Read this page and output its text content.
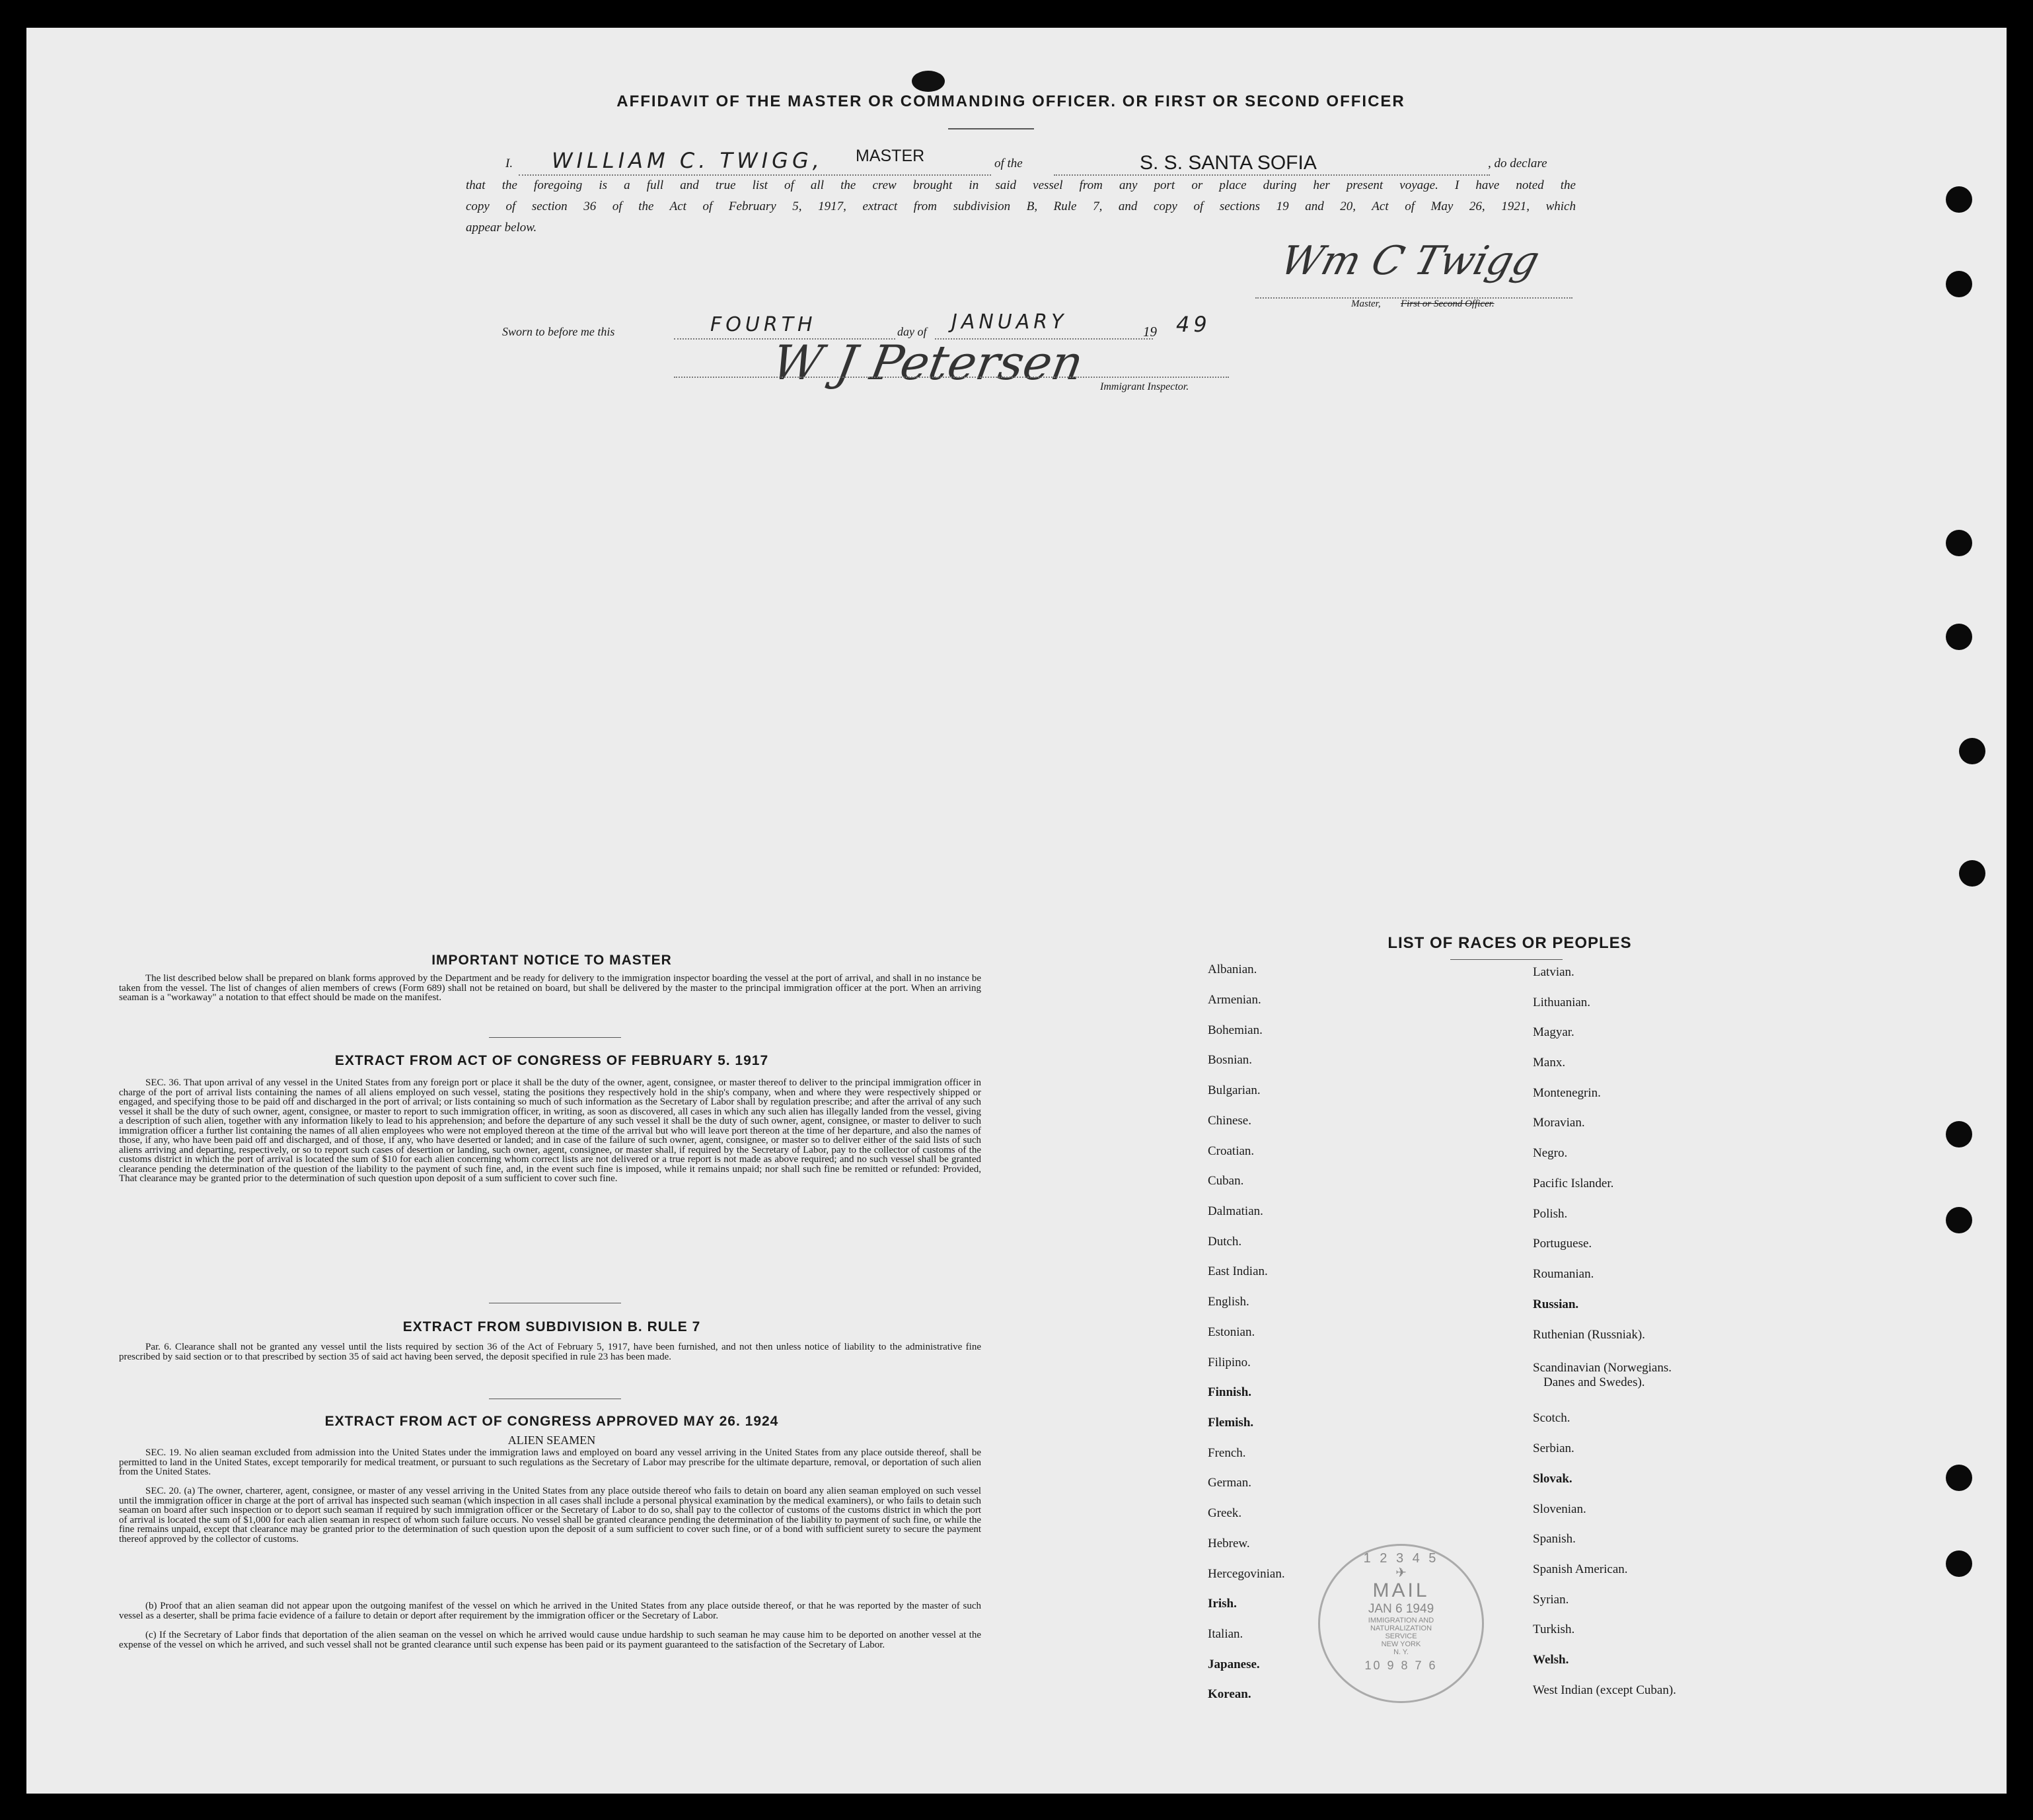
AFFIDAVIT OF THE MASTER OR COMMANDING OFFICER. OR FIRST OR SECOND OFFICER
I. WILLIAM C. TWIGG, MASTER	of the	S. S. SANTA SOFIA	, do declare
that the foregoing is a full and true list of all the crew brought in said vessel from any port or place during her present voyage. I have noted the
copy of section 36 of the Act of February 5, 1917, extract from subdivision B, Rule 7, and copy of sections 19 and 20, Act of May 26, 1921, which
appear below.
Wm C Twigg
Master, First or Second Officer.
Sworn to before me this	FOURTH	day of JANUARY	19 49
W J Petersen Immigrant Inspector.
IMPORTANT NOTICE TO MASTER
The list described below shall be prepared on blank forms approved by the Department and be ready for delivery to the immigration inspector boarding the vessel at the port of arrival, and shall in no instance be taken from the vessel. The list of changes of alien members of crews (Form 689) shall not be retained on board, but shall be delivered by the master to the principal immigration officer at the port. When an arriving seaman is a "workaway" a notation to that effect should be made on the manifest.
EXTRACT FROM ACT OF CONGRESS OF FEBRUARY 5. 1917
SEC. 36. That upon arrival of any vessel in the United States from any foreign port or place it shall be the duty of the owner, agent, consignee, or master thereof to deliver to the principal immigration officer in charge of the port of arrival lists containing the names of all aliens employed on such vessel, stating the positions they respectively hold in the ship's company, when and where they were respectively shipped or engaged, and specifying those to be paid off and discharged in the port of arrival; or lists containing so much of such information as the Secretary of Labor shall by regulation prescribe; and after the arrival of any such vessel it shall be the duty of such owner, agent, consignee, or master to report to such immigration officer, in writing, as soon as discovered, all cases in which any such alien has illegally landed from the vessel, giving a description of such alien, together with any information likely to lead to his apprehension; and before the departure of any such vessel it shall be the duty of such owner, agent, consignee, or master to deliver to such immigration officer a further list containing the names of all alien employees who were not employed thereon at the time of the arrival but who will leave port thereon at the time of her departure, and also the names of those, if any, who have been paid off and discharged, and of those, if any, who have deserted or landed; and in case of the failure of such owner, agent, consignee, or master so to deliver either of the said lists of such aliens arriving and departing, respectively, or so to report such cases of desertion or landing, such owner, agent, consignee, or master shall, if required by the Secretary of Labor, pay to the collector of customs of the customs district in which the port of arrival is located the sum of $10 for each alien concerning whom correct lists are not delivered or a true report is not made as above required; and no such vessel shall be granted clearance pending the determination of the question of the liability to the payment of such fine, and, in the event such fine is imposed, while it remains unpaid; nor shall such fine be remitted or refunded: Provided, That clearance may be granted prior to the determination of such question upon deposit of a sum sufficient to cover such fine.
EXTRACT FROM SUBDIVISION B. RULE 7
Par. 6. Clearance shall not be granted any vessel until the lists required by section 36 of the Act of February 5, 1917, have been furnished, and not then unless notice of liability to the administrative fine prescribed by said section or to that prescribed by section 35 of said act having been served, the deposit specified in rule 23 has been made.
EXTRACT FROM ACT OF CONGRESS APPROVED MAY 26. 1924
ALIEN SEAMEN
SEC. 19. No alien seaman excluded from admission into the United States under the immigration laws and employed on board any vessel arriving in the United States from any place outside thereof, shall be permitted to land in the United States, except temporarily for medical treatment, or pursuant to such regulations as the Secretary of Labor may prescribe for the ultimate departure, removal, or deportation of such alien from the United States.
SEC. 20. (a) The owner, charterer, agent, consignee, or master of any vessel arriving in the United States from any place outside thereof who fails to detain on board any alien seaman employed on such vessel until the immigration officer in charge at the port of arrival has inspected such seaman (which inspection in all cases shall include a personal physical examination by the medical examiners), or who fails to detain such seaman on board after such inspection or to deport such seaman if required by such immigration officer or the Secretary of Labor to do so, shall pay to the collector of customs of the customs district in which the port of arrival is located the sum of $1,000 for each alien seaman in respect of whom such failure occurs. No vessel shall be granted clearance pending the determination of the liability to payment of such fine, or while the fine remains unpaid, except that clearance may be granted prior to the determination of such question upon the deposit of a sum sufficient to cover such fine, or of a bond with sufficient surety to secure the payment thereof approved by the collector of customs.
(b) Proof that an alien seaman did not appear upon the outgoing manifest of the vessel on which he arrived in the United States from any place outside thereof, or that he was reported by the master of such vessel as a deserter, shall be prima facie evidence of a failure to detain or deport after requirement by the immigration officer or the Secretary of Labor.
(c) If the Secretary of Labor finds that deportation of the alien seaman on the vessel on which he arrived would cause undue hardship to such seaman he may cause him to be deported on another vessel at the expense of the vessel on which he arrived, and such vessel shall not be granted clearance until such expense has been paid or its payment guaranteed to the satisfaction of the Secretary of Labor.
LIST OF RACES OR PEOPLES
Albanian.
Armenian.
Bohemian.
Bosnian.
Bulgarian.
Chinese.
Croatian.
Cuban.
Dalmatian.
Dutch.
East Indian.
English.
Estonian.
Filipino.
Finnish.
Flemish.
French.
German.
Greek.
Hebrew.
Hercegovinian.
Irish.
Italian.
Japanese.
Korean.
Latvian.
Lithuanian.
Magyar.
Manx.
Montenegrin.
Moravian.
Negro.
Pacific Islander.
Polish.
Portuguese.
Roumanian.
Russian.
Ruthenian (Russniak).
Scandinavian (Norwegians.
Danes and Swedes).
Scotch.
Serbian.
Slovak.
Slovenian.
Spanish.
Spanish American.
Syrian.
Turkish.
Welsh.
West Indian (except Cuban).
1 2 3 4 5
✈
MAIL
JAN 6 1949
IMMIGRATION AND
NATURALIZATION
SERVICE
NEW YORK
N. Y.
10 9 8 7 6
